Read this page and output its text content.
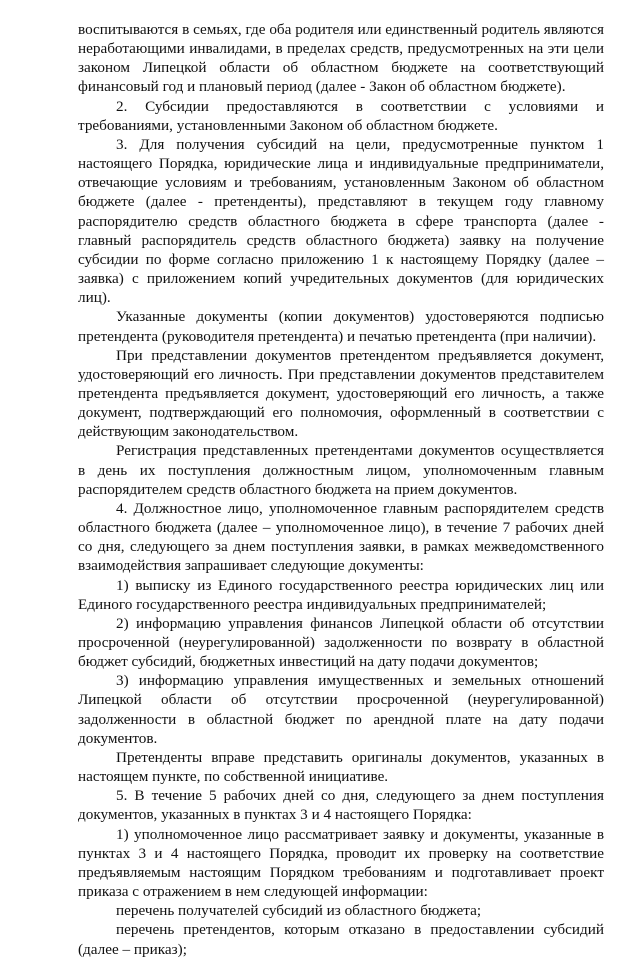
воспитываются в семьях, где оба родителя или единственный родитель являются неработающими инвалидами, в пределах средств, предусмотренных на эти цели законом Липецкой области об областном бюджете на соответствующий финансовый год и плановый период (далее - Закон об областном бюджете).

2. Субсидии предоставляются в соответствии с условиями и требованиями, установленными Законом об областном бюджете.

3. Для получения субсидий на цели, предусмотренные пунктом 1 настоящего Порядка, юридические лица и индивидуальные предприниматели, отвечающие условиям и требованиям, установленным Законом об областном бюджете (далее - претенденты), представляют в текущем году главному распорядителю средств областного бюджета в сфере транспорта (далее - главный распорядитель средств областного бюджета) заявку на получение субсидии по форме согласно приложению 1 к настоящему Порядку (далее – заявка) с приложением копий учредительных документов (для юридических лиц).

Указанные документы (копии документов) удостоверяются подписью претендента (руководителя претендента) и печатью претендента (при наличии).

При представлении документов претендентом предъявляется документ, удостоверяющий его личность. При представлении документов представителем претендента предъявляется документ, удостоверяющий его личность, а также документ, подтверждающий его полномочия, оформленный в соответствии с действующим законодательством.

Регистрация представленных претендентами документов осуществляется в день их поступления должностным лицом, уполномоченным главным распорядителем средств областного бюджета на прием документов.

4. Должностное лицо, уполномоченное главным распорядителем средств областного бюджета (далее – уполномоченное лицо), в течение 7 рабочих дней со дня, следующего за днем поступления заявки, в рамках межведомственного взаимодействия запрашивает следующие документы:

1) выписку из Единого государственного реестра юридических лиц или Единого государственного реестра индивидуальных предпринимателей;

2) информацию управления финансов Липецкой области об отсутствии просроченной (неурегулированной) задолженности по возврату в областной бюджет субсидий, бюджетных инвестиций на дату подачи документов;

3) информацию управления имущественных и земельных отношений Липецкой области об отсутствии просроченной (неурегулированной) задолженности в областной бюджет по арендной плате на дату подачи документов.

Претенденты вправе представить оригиналы документов, указанных в настоящем пункте, по собственной инициативе.

5. В течение 5 рабочих дней со дня, следующего за днем поступления документов, указанных в пунктах 3 и 4 настоящего Порядка:

1) уполномоченное лицо рассматривает заявку и документы, указанные в пунктах 3 и 4 настоящего Порядка, проводит их проверку на соответствие предъявляемым настоящим Порядком требованиям и подготавливает проект приказа с отражением в нем следующей информации:

перечень получателей субсидий из областного бюджета;

перечень претендентов, которым отказано в предоставлении субсидий (далее – приказ);
